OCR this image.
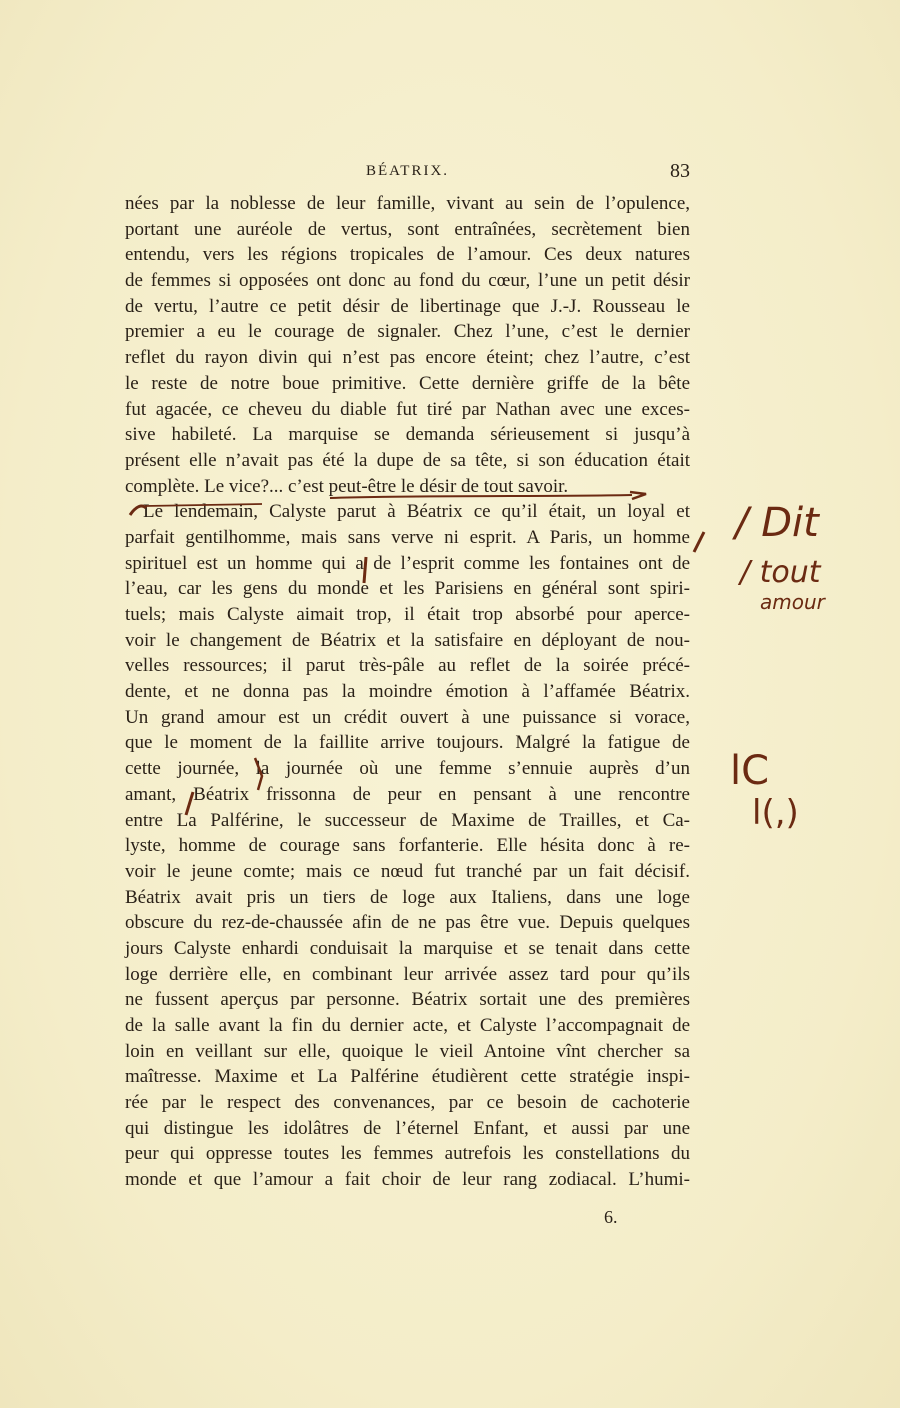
BÉATRIX.	83
nées par la noblesse de leur famille, vivant au sein de l’opulence,
portant une auréole de vertus, sont entraînées, secrètement bien
entendu, vers les régions tropicales de l’amour. Ces deux natures
de femmes si opposées ont donc au fond du cœur, l’une un petit désir
de vertu, l’autre ce petit désir de libertinage que J.-J. Rousseau le
premier a eu le courage de signaler. Chez l’une, c’est le dernier
reflet du rayon divin qui n’est pas encore éteint; chez l’autre, c’est
le reste de notre boue primitive. Cette dernière griffe de la bête
fut agacée, ce cheveu du diable fut tiré par Nathan avec une exces-
sive habileté. La marquise se demanda sérieusement si jusqu’à
présent elle n’avait pas été la dupe de sa tête, si son éducation était
complète. Le vice?... c’est peut-être le désir de tout savoir.
Le lendemain, Calyste parut à Béatrix ce qu’il était, un loyal et
parfait gentilhomme, mais sans verve ni esprit. A Paris, un homme
spirituel est un homme qui a de l’esprit comme les fontaines ont de
l’eau, car les gens du monde et les Parisiens en général sont spiri-
tuels; mais Calyste aimait trop, il était trop absorbé pour aperce-
voir le changement de Béatrix et la satisfaire en déployant de nou-
velles ressources; il parut très-pâle au reflet de la soirée précé-
dente, et ne donna pas la moindre émotion à l’affamée Béatrix.
Un grand amour est un crédit ouvert à une puissance si vorace,
que le moment de la faillite arrive toujours. Malgré la fatigue de
cette journée, la journée où une femme s’ennuie auprès d’un
amant, Béatrix frissonna de peur en pensant à une rencontre
entre La Palférine, le successeur de Maxime de Trailles, et Ca-
lyste, homme de courage sans forfanterie. Elle hésita donc à re-
voir le jeune comte; mais ce nœud fut tranché par un fait décisif.
Béatrix avait pris un tiers de loge aux Italiens, dans une loge
obscure du rez-de-chaussée afin de ne pas être vue. Depuis quelques
jours Calyste enhardi conduisait la marquise et se tenait dans cette
loge derrière elle, en combinant leur arrivée assez tard pour qu’ils
ne fussent aperçus par personne. Béatrix sortait une des premières
de la salle avant la fin du dernier acte, et Calyste l’accompagnait de
loin en veillant sur elle, quoique le vieil Antoine vînt chercher sa
maîtresse. Maxime et La Palférine étudièrent cette stratégie inspi-
rée par le respect des convenances, par ce besoin de cachoterie
qui distingue les idolâtres de l’éternel Enfant, et aussi par une
peur qui oppresse toutes les femmes autrefois les constellations du
monde et que l’amour a fait choir de leur rang zodiacal. L’humi-
6.
/ Dit
/ tout
amour
lC
l(,)
